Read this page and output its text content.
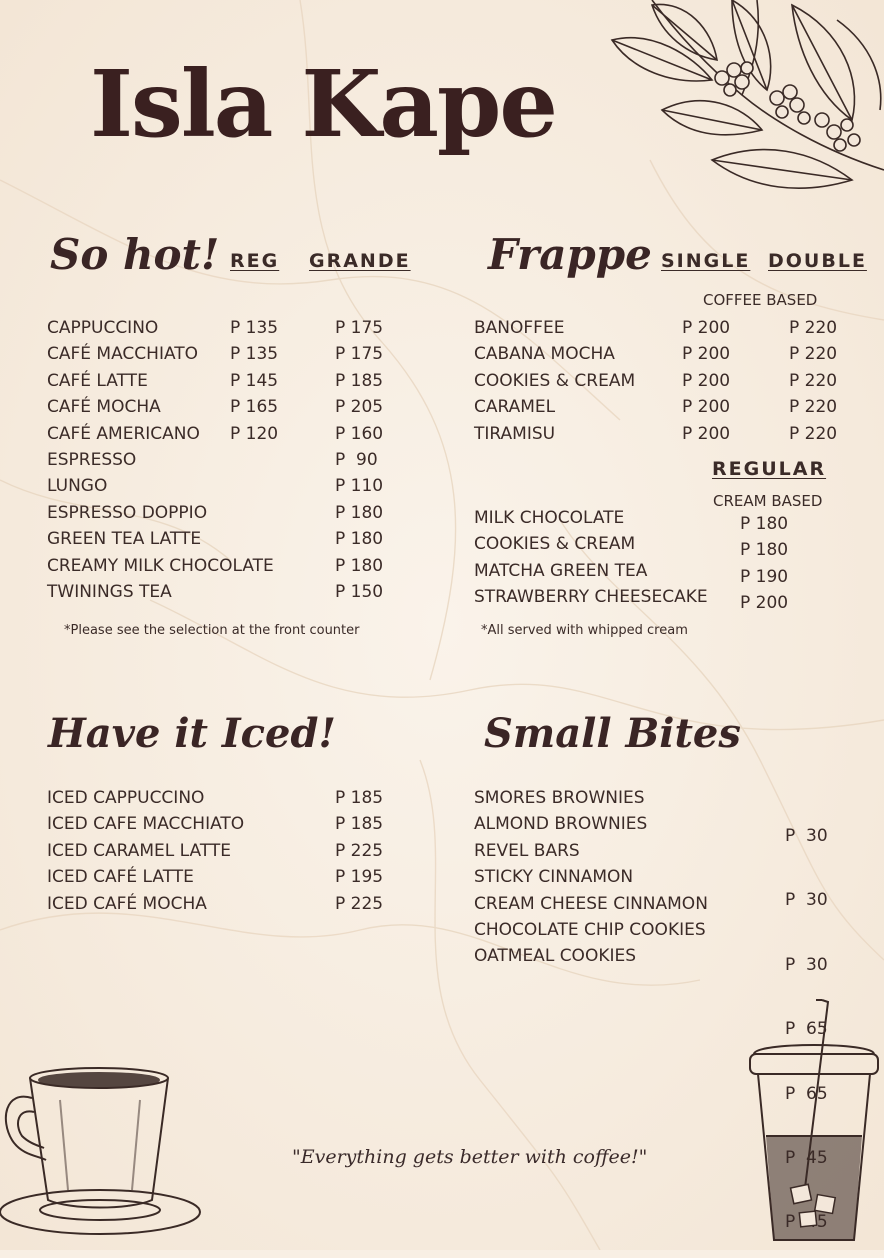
Isla Kape
So hot! REG GRANDE
CAPPUCCINO
CAFÉ MACCHIATO
CAFÉ LATTE
CAFÉ MOCHA
CAFÉ AMERICANO
ESPRESSO
LUNGO
ESPRESSO DOPPIO
GREEN TEA LATTE
CREAMY MILK CHOCOLATE
TWININGS TEA
P 135
P 135
P 145
P 165
P 120
P 175
P 175
P 185
P 205
P 160
P  90
P 110
P 180
P 180
P 180
P 150
*Please see the selection at the front counter
Frappe SINGLE DOUBLE
COFFEE BASED
BANOFFEE
CABANA MOCHA
COOKIES & CREAM
CARAMEL
TIRAMISU
P 200
P 200
P 200
P 200
P 200
P 220
P 220
P 220
P 220
P 220
REGULAR
CREAM BASED
MILK CHOCOLATE
COOKIES & CREAM
MATCHA GREEN TEA
STRAWBERRY CHEESECAKE
P 180
P 180
P 190
P 200
*All served with whipped cream
Have it Iced!
ICED CAPPUCCINO
ICED CAFE MACCHIATO
ICED CARAMEL LATTE
ICED CAFÉ LATTE
ICED CAFÉ MOCHA
P 185
P 185
P 225
P 195
P 225
Small Bites
SMORES BROWNIES
ALMOND BROWNIES
REVEL BARS
STICKY CINNAMON
CREAM CHEESE CINNAMON
CHOCOLATE CHIP COOKIES
OATMEAL COOKIES

P  30

P  30

P  30

P  65

P  65

"Everything gets better with coffee!"
